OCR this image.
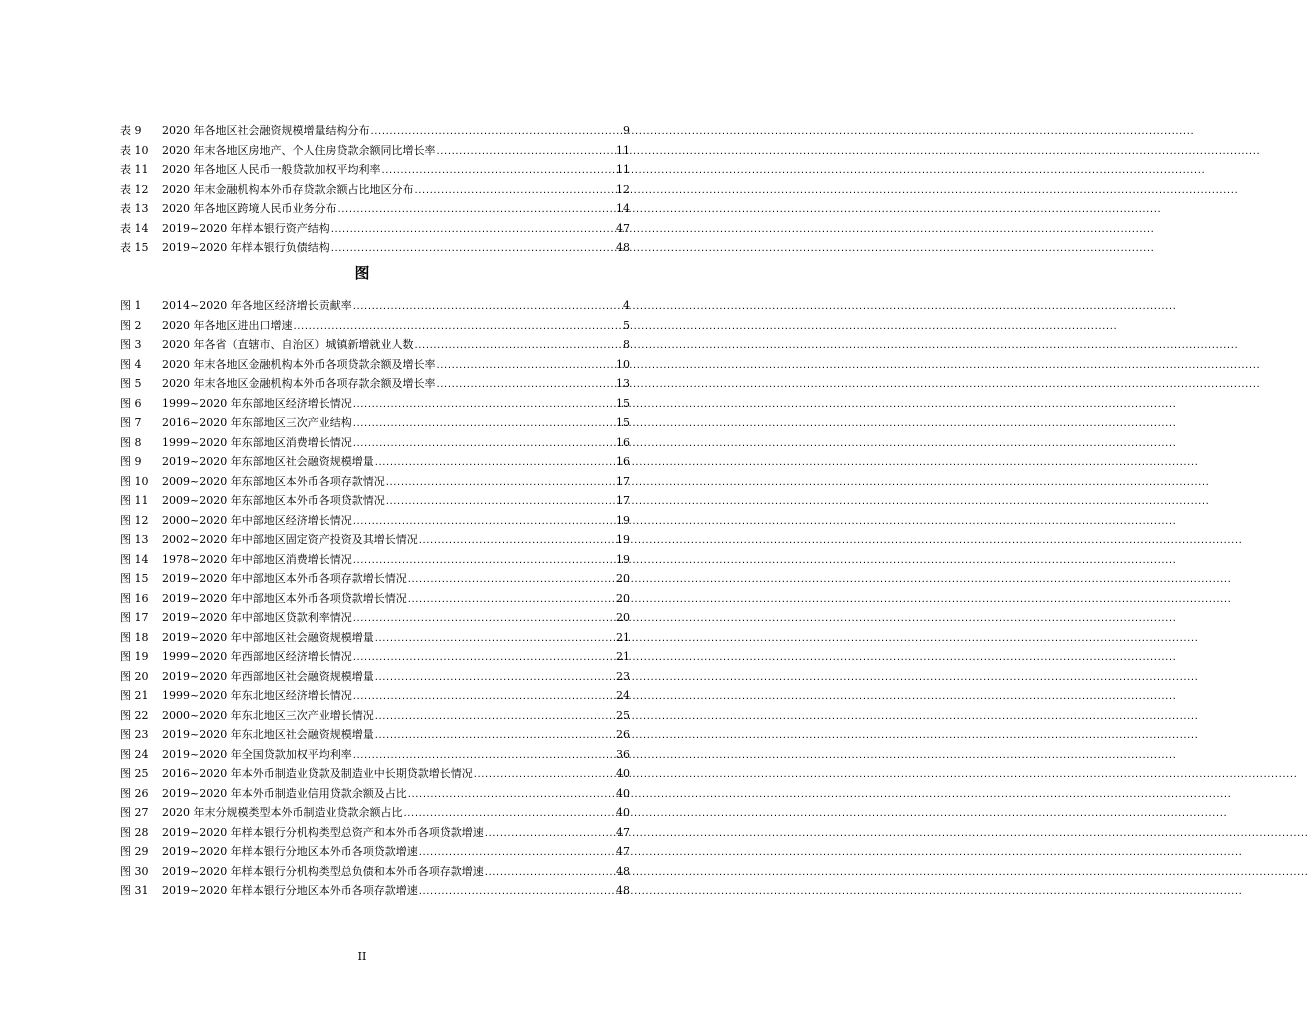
表 9	2020 年各地区社会融资规模增量结构分布 .....	9
表 10	2020 年末各地区房地产、个人住房贷款余额同比增长率 .....	11
表 11	2020 年各地区人民币一般贷款加权平均利率 .....	11
表 12	2020 年末金融机构本外币存贷款余额占比地区分布 .....	12
表 13	2020 年各地区跨境人民币业务分布 .....	14
表 14	2019~2020 年样本银行资产结构 .....	47
表 15	2019~2020 年样本银行负债结构 .....	48
图
图 1	2014~2020 年各地区经济增长贡献率 .....	4
图 2	2020 年各地区进出口增速 .....	5
图 3	2020 年各省（直辖市、自治区）城镇新增就业人数 .....	8
图 4	2020 年末各地区金融机构本外币各项贷款余额及增长率 .....	10
图 5	2020 年末各地区金融机构本外币各项存款余额及增长率 .....	13
图 6	1999~2020 年东部地区经济增长情况 .....	15
图 7	2016~2020 年东部地区三次产业结构 .....	15
图 8	1999~2020 年东部地区消费增长情况 .....	16
图 9	2019~2020 年东部地区社会融资规模增量 .....	16
图 10	2009~2020 年东部地区本外币各项存款情况 .....	17
图 11	2009~2020 年东部地区本外币各项贷款情况 .....	17
图 12	2000~2020 年中部地区经济增长情况 .....	19
图 13	2002~2020 年中部地区固定资产投资及其增长情况 .....	19
图 14	1978~2020 年中部地区消费增长情况 .....	19
图 15	2019~2020 年中部地区本外币各项存款增长情况 .....	20
图 16	2019~2020 年中部地区本外币各项贷款增长情况 .....	20
图 17	2019~2020 年中部地区贷款利率情况 .....	20
图 18	2019~2020 年中部地区社会融资规模增量 .....	21
图 19	1999~2020 年西部地区经济增长情况 .....	21
图 20	2019~2020 年西部地区社会融资规模增量 .....	23
图 21	1999~2020 年东北地区经济增长情况 .....	24
图 22	2000~2020 年东北地区三次产业增长情况 .....	25
图 23	2019~2020 年东北地区社会融资规模增量 .....	26
图 24	2019~2020 年全国贷款加权平均利率 .....	36
图 25	2016~2020 年本外币制造业贷款及制造业中长期贷款增长情况 .....	40
图 26	2019~2020 年本外币制造业信用贷款余额及占比 .....	40
图 27	2020 年末分规模类型本外币制造业贷款余额占比 .....	40
图 28	2019~2020 年样本银行分机构类型总资产和本外币各项贷款增速 .....	47
图 29	2019~2020 年样本银行分地区本外币各项贷款增速 .....	47
图 30	2019~2020 年样本银行分机构类型总负债和本外币各项存款增速 .....	48
图 31	2019~2020 年样本银行分地区本外币各项存款增速 .....	48
II
